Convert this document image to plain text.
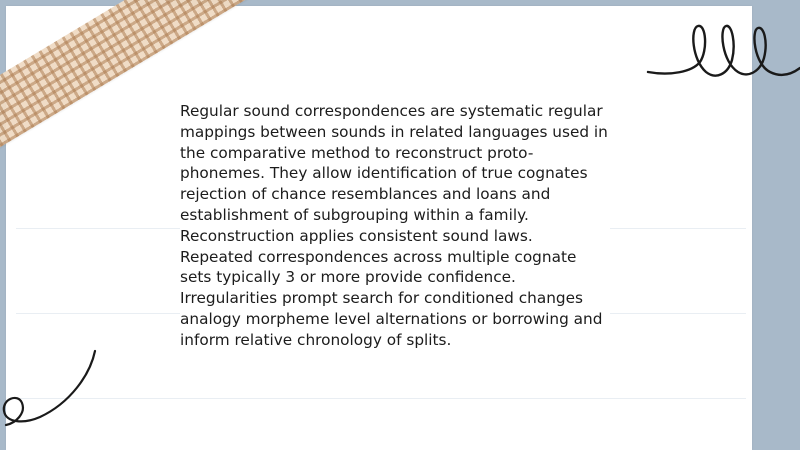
Regular sound correspondences are systematic regular mappings between sounds in related languages used in the comparative method to reconstruct proto-phonemes. They allow identification of true cognates rejection of chance resemblances and loans and establishment of subgrouping within a family. Reconstruction applies consistent sound laws. Repeated correspondences across multiple cognate sets typically 3 or more provide confidence. Irregularities prompt search for conditioned changes analogy morpheme level alternations or borrowing and inform relative chronology of splits.
